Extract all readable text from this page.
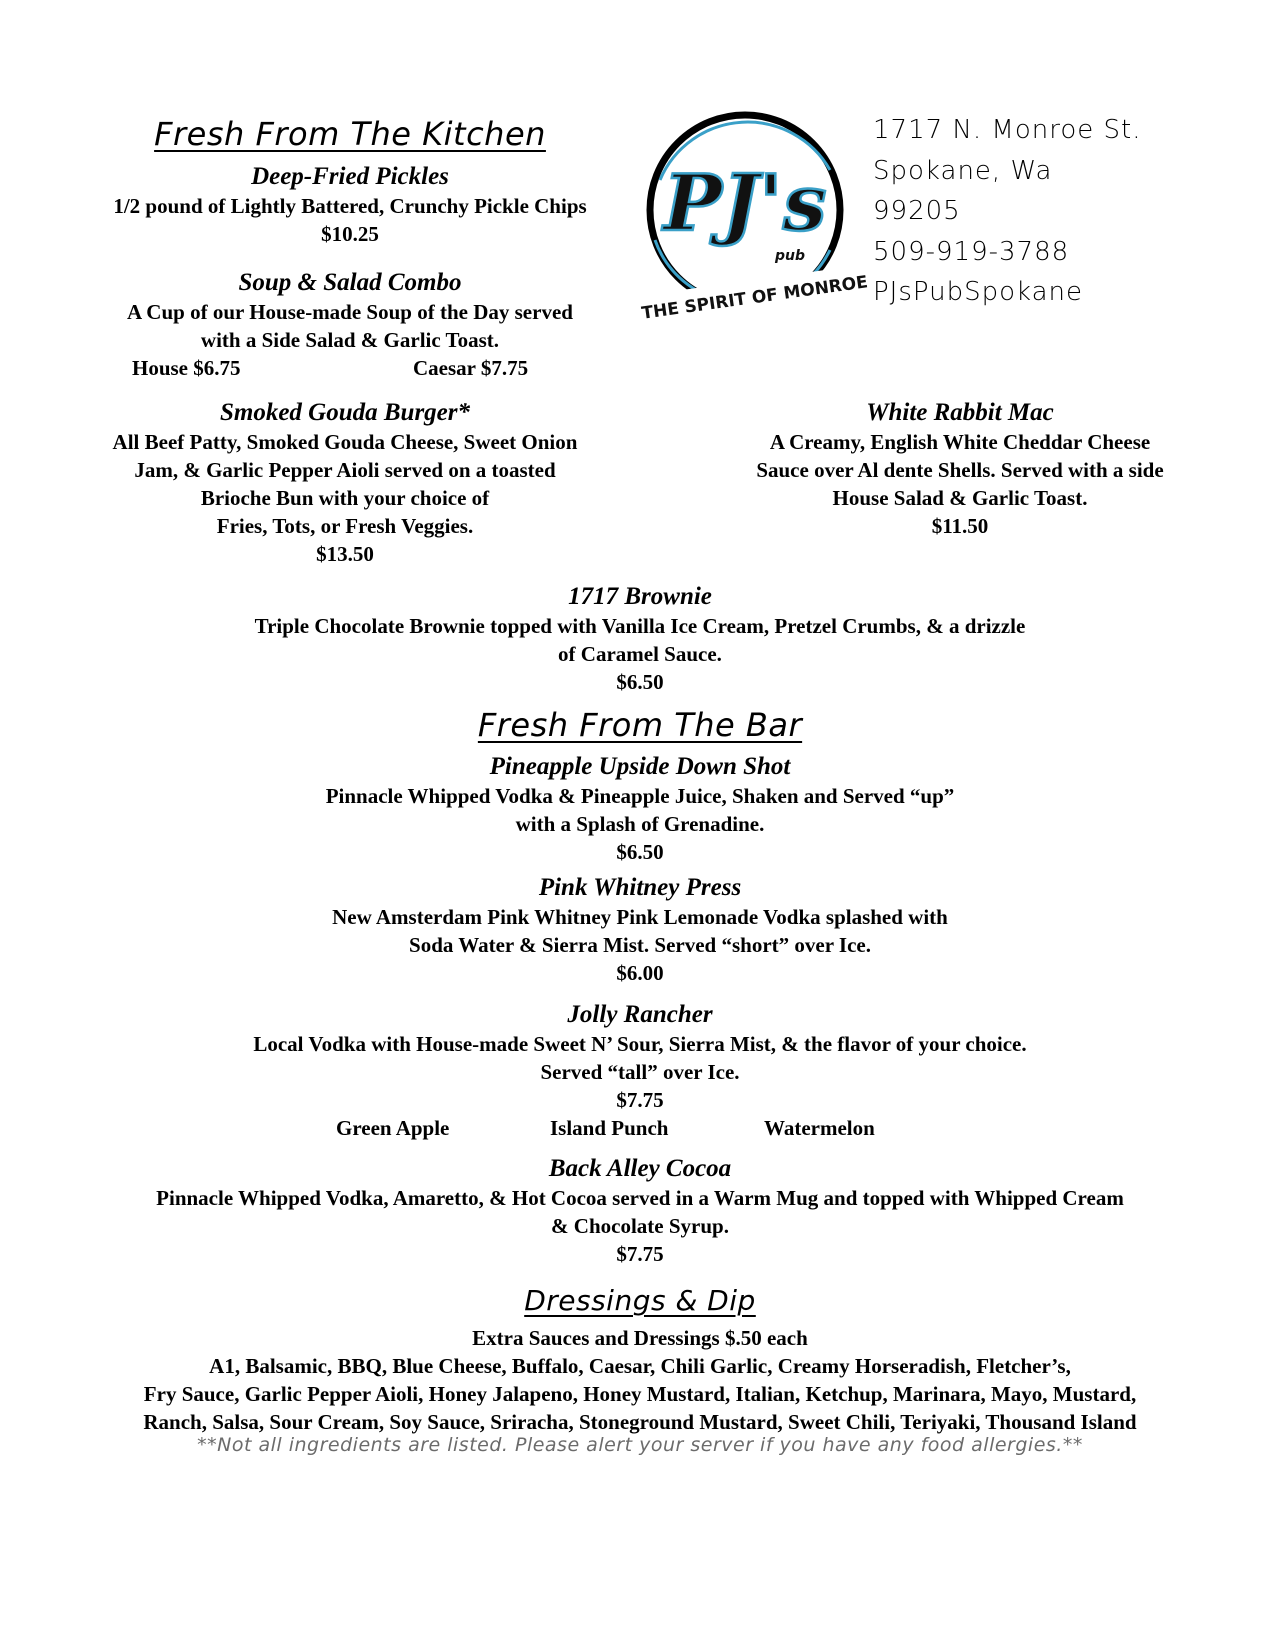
Fresh From The Kitchen
Deep-Fried Pickles
1/2 pound of Lightly Battered, Crunchy Pickle Chips
$10.25
Soup & Salad Combo
A Cup of our House-made Soup of the Day served
with a Side Salad & Garlic Toast.
House $6.75	Caesar $7.75
PJ's
pub
THE SPIRIT OF MONROE
1717 N. Monroe St.
Spokane, Wa
99205
509-919-3788
PJsPubSpokane
Smoked Gouda Burger*
All Beef Patty, Smoked Gouda Cheese, Sweet Onion
Jam, & Garlic Pepper Aioli served on a toasted
Brioche Bun with your choice of
Fries, Tots, or Fresh Veggies.
$13.50
White Rabbit Mac
A Creamy, English White Cheddar Cheese
Sauce over Al dente Shells. Served with a side
House Salad & Garlic Toast.
$11.50
1717 Brownie
Triple Chocolate Brownie topped with Vanilla Ice Cream, Pretzel Crumbs, & a drizzle
of Caramel Sauce.
$6.50
Fresh From The Bar
Pineapple Upside Down Shot
Pinnacle Whipped Vodka & Pineapple Juice, Shaken and Served “up”
with a Splash of Grenadine.
$6.50
Pink Whitney Press
New Amsterdam Pink Whitney Pink Lemonade Vodka splashed with
Soda Water & Sierra Mist. Served “short” over Ice.
$6.00
Jolly Rancher
Local Vodka with House-made Sweet N’ Sour, Sierra Mist, & the flavor of your choice.
Served “tall” over Ice.
$7.75
Green Apple	Island Punch	Watermelon
Back Alley Cocoa
Pinnacle Whipped Vodka, Amaretto, & Hot Cocoa served in a Warm Mug and topped with Whipped Cream
& Chocolate Syrup.
$7.75
Dressings & Dip
Extra Sauces and Dressings $.50 each
A1, Balsamic, BBQ, Blue Cheese, Buffalo, Caesar, Chili Garlic, Creamy Horseradish, Fletcher’s,
Fry Sauce, Garlic Pepper Aioli, Honey Jalapeno, Honey Mustard, Italian, Ketchup, Marinara, Mayo, Mustard,
Ranch, Salsa, Sour Cream, Soy Sauce, Sriracha, Stoneground Mustard, Sweet Chili, Teriyaki, Thousand Island
**Not all ingredients are listed. Please alert your server if you have any food allergies.**
